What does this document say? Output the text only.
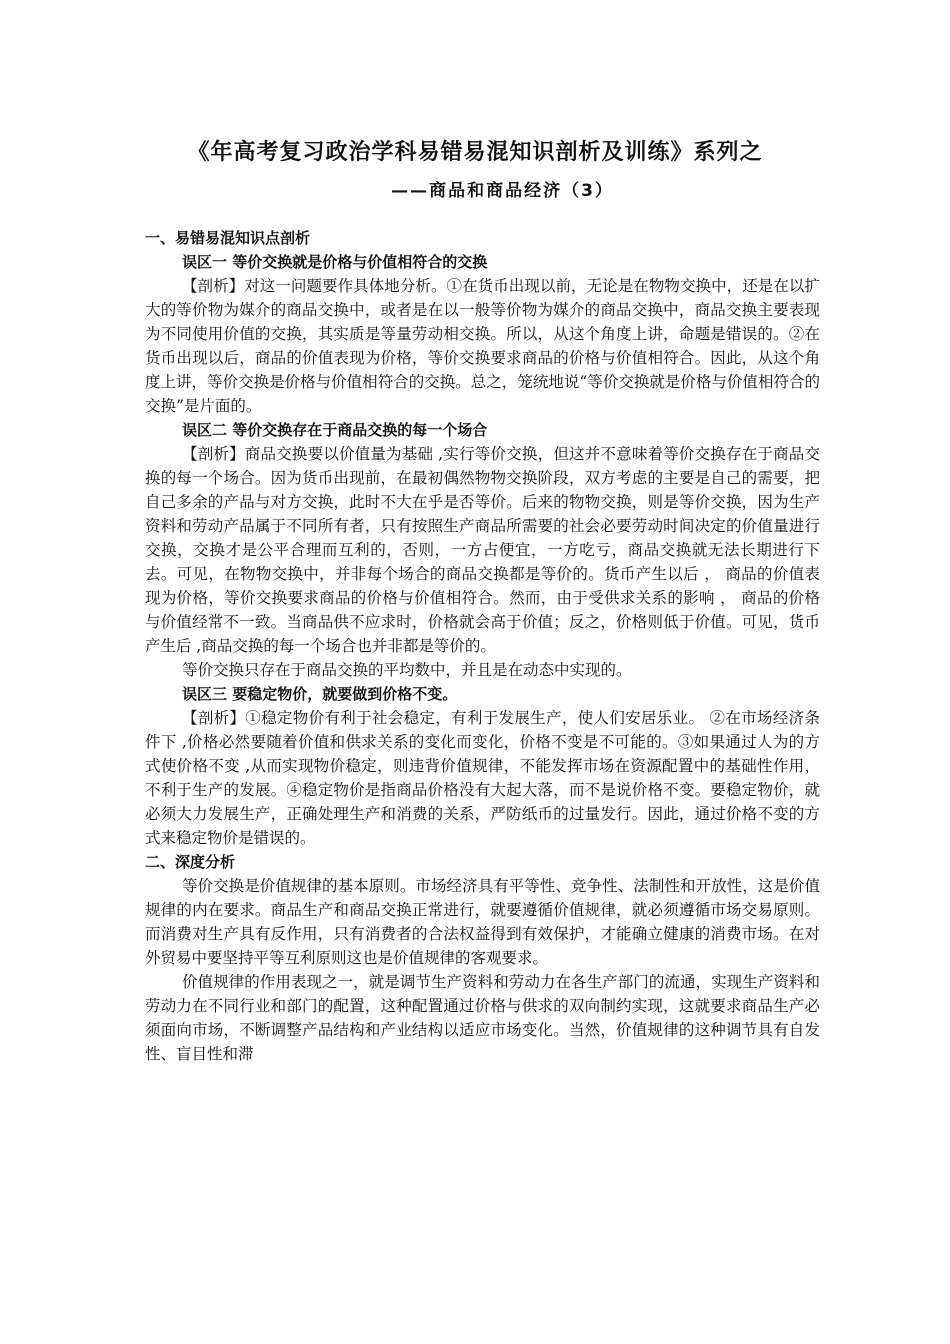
《年高考复习政治学科易错易混知识剖析及训练》系列之
——商品和商品经济（3）

一、易错易混知识点剖析

误区一 等价交换就是价格与价值相符合的交换

【剖析】对这一问题要作具体地分析。①在货币出现以前，无论是在物物交换中，还是在以扩大的等价物为媒介的商品交换中，或者是在以一般等价物为媒介的商品交换中，商品交换主要表现为不同使用价值的交换，其实质是等量劳动相交换。所以，从这个角度上讲，命题是错误的。②在货币出现以后，商品的价值表现为价格，等价交换要求商品的价格与价值相符合。因此，从这个角度上讲，等价交换是价格与价值相符合的交换。总之，笼统地说“等价交换就是价格与价值相符合的交换”是片面的。

误区二 等价交换存在于商品交换的每一个场合

【剖析】商品交换要以价值量为基础 ,实行等价交换，但这并不意味着等价交换存在于商品交换的每一个场合。因为货币出现前，在最初偶然物物交换阶段，双方考虑的主要是自己的需要，把自己多余的产品与对方交换，此时不大在乎是否等价。后来的物物交换，则是等价交换，因为生产资料和劳动产品属于不同所有者，只有按照生产商品所需要的社会必要劳动时间决定的价值量进行交换，交换才是公平合理而互利的，否则，一方占便宜，一方吃亏，商品交换就无法长期进行下去。可见，在物物交换中，并非每个场合的商品交换都是等价的。货币产生以后 ， 商品的价值表现为价格，等价交换要求商品的价格与价值相符合。然而，由于受供求关系的影响 ， 商品的价格与价值经常不一致。当商品供不应求时，价格就会高于价值；反之，价格则低于价值。可见，货币产生后 ,商品交换的每一个场合也并非都是等价的。

等价交换只存在于商品交换的平均数中，并且是在动态中实现的。

误区三 要稳定物价，就要做到价格不变。

【剖析】①稳定物价有利于社会稳定，有利于发展生产，使人们安居乐业。 ②在市场经济条件下 ,价格必然要随着价值和供求关系的变化而变化，价格不变是不可能的。③如果通过人为的方式使价格不变 ,从而实现物价稳定，则违背价值规律，不能发挥市场在资源配置中的基础性作用，不利于生产的发展。④稳定物价是指商品价格没有大起大落，而不是说价格不变。要稳定物价，就必须大力发展生产，正确处理生产和消费的关系，严防纸币的过量发行。因此，通过价格不变的方式来稳定物价是错误的。

二、深度分析

等价交换是价值规律的基本原则。市场经济具有平等性、竞争性、法制性和开放性，这是价值规律的内在要求。商品生产和商品交换正常进行，就要遵循价值规律，就必须遵循市场交易原则。而消费对生产具有反作用，只有消费者的合法权益得到有效保护，才能确立健康的消费市场。在对外贸易中要坚持平等互利原则这也是价值规律的客观要求。

价值规律的作用表现之一，就是调节生产资料和劳动力在各生产部门的流通，实现生产资料和劳动力在不同行业和部门的配置，这种配置通过价格与供求的双向制约实现，这就要求商品生产必须面向市场，不断调整产品结构和产业结构以适应市场变化。当然，价值规律的这种调节具有自发性、盲目性和滞
